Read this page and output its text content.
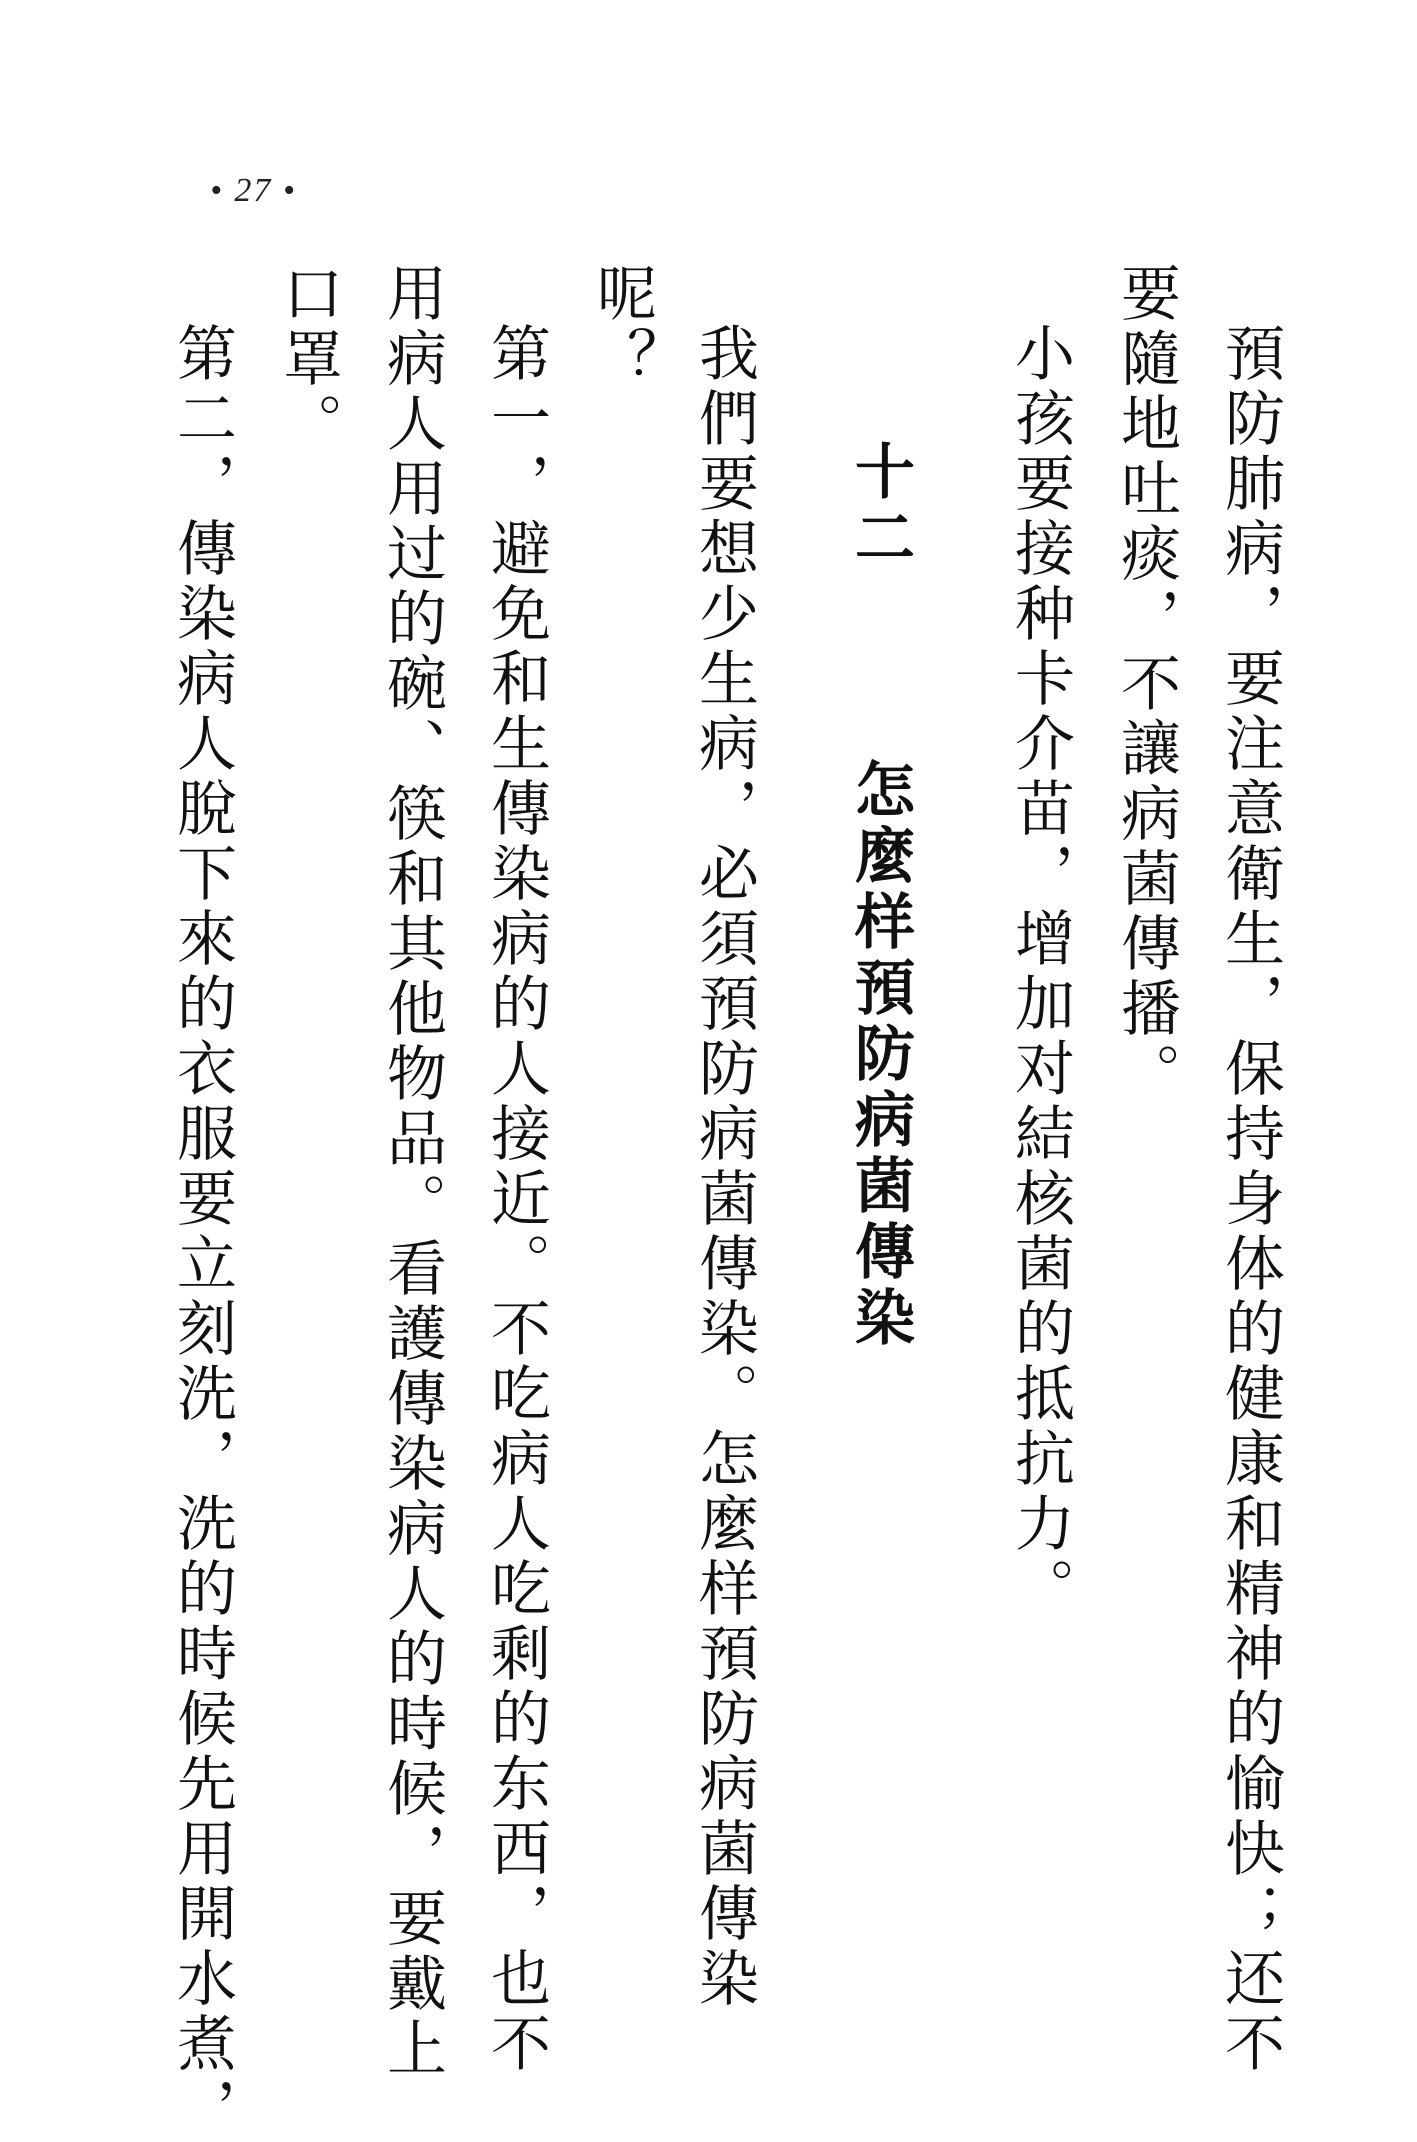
• 27 •
預防肺病，要注意衛生，保持身体的健康和精神的愉快；还不
要隨地吐痰，不讓病菌傳播。
小孩要接种卡介苗，增加对結核菌的抵抗力。
十二 怎麼样預防病菌傳染
我們要想少生病，必須預防病菌傳染。怎麼样預防病菌傳染
呢？
第一，避免和生傳染病的人接近。不吃病人吃剩的东西，也不
用病人用过的碗、筷和其他物品。看護傳染病人的時候，要戴上
口罩。
第二，傳染病人脫下來的衣服要立刻洗，洗的時候先用開水煮，
